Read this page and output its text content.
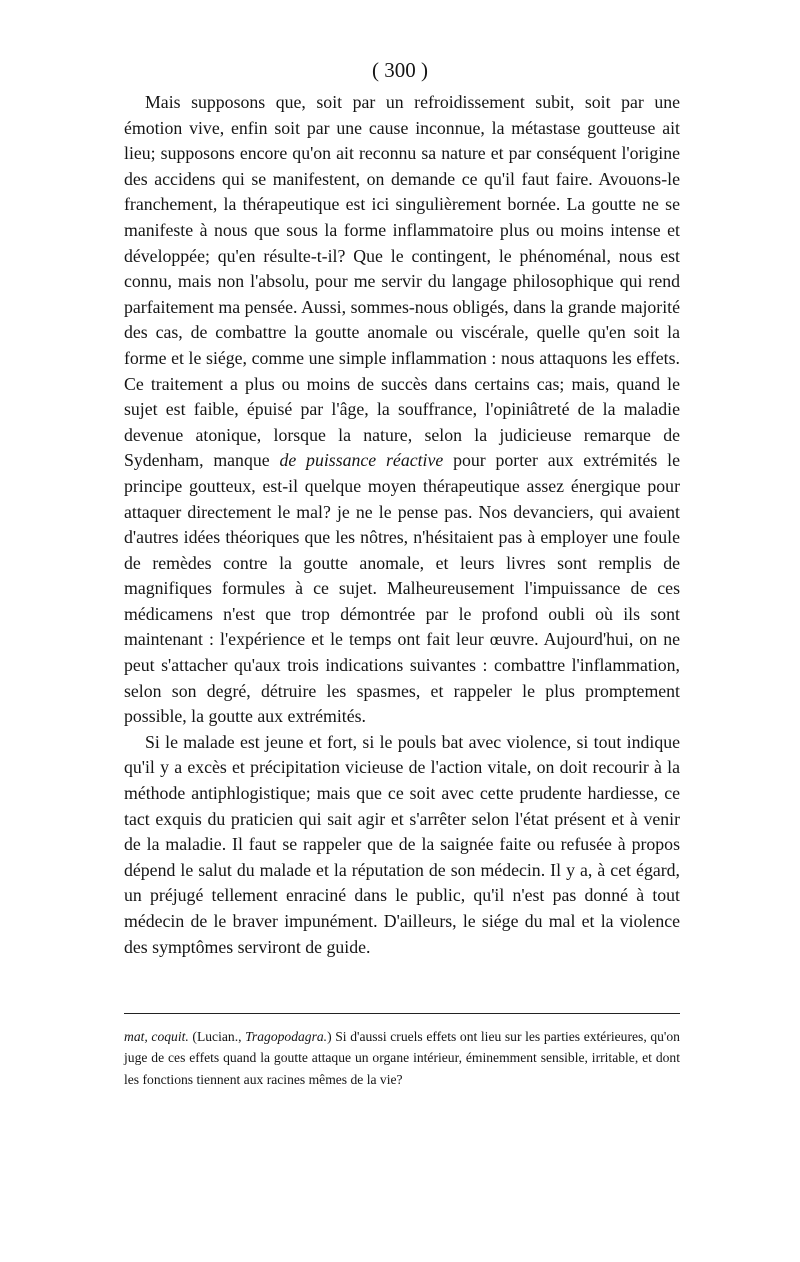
( 300 )

Mais supposons que, soit par un refroidissement subit, soit par une émotion vive, enfin soit par une cause inconnue, la métastase goutteuse ait lieu; supposons encore qu'on ait reconnu sa nature et par conséquent l'origine des accidens qui se manifestent, on demande ce qu'il faut faire. Avouons-le franchement, la thérapeutique est ici singulièrement bornée. La goutte ne se manifeste à nous que sous la forme inflammatoire plus ou moins intense et développée; qu'en résulte-t-il? Que le contingent, le phénoménal, nous est connu, mais non l'absolu, pour me servir du langage philosophique qui rend parfaitement ma pensée. Aussi, sommes-nous obligés, dans la grande majorité des cas, de combattre la goutte anomale ou viscérale, quelle qu'en soit la forme et le siége, comme une simple inflammation : nous attaquons les effets. Ce traitement a plus ou moins de succès dans certains cas; mais, quand le sujet est faible, épuisé par l'âge, la souffrance, l'opiniâtreté de la maladie devenue atonique, lorsque la nature, selon la judicieuse remarque de Sydenham, manque de puissance réactive pour porter aux extrémités le principe goutteux, est-il quelque moyen thérapeutique assez énergique pour attaquer directement le mal? je ne le pense pas. Nos devanciers, qui avaient d'autres idées théoriques que les nôtres, n'hésitaient pas à employer une foule de remèdes contre la goutte anomale, et leurs livres sont remplis de magnifiques formules à ce sujet. Malheureusement l'impuissance de ces médicamens n'est que trop démontrée par le profond oubli où ils sont maintenant : l'expérience et le temps ont fait leur œuvre. Aujourd'hui, on ne peut s'attacher qu'aux trois indications suivantes : combattre l'inflammation, selon son degré, détruire les spasmes, et rappeler le plus promptement possible, la goutte aux extrémités.

Si le malade est jeune et fort, si le pouls bat avec violence, si tout indique qu'il y a excès et précipitation vicieuse de l'action vitale, on doit recourir à la méthode antiphlogistique; mais que ce soit avec cette prudente hardiesse, ce tact exquis du praticien qui sait agir et s'arrêter selon l'état présent et à venir de la maladie. Il faut se rappeler que de la saignée faite ou refusée à propos dépend le salut du malade et la réputation de son médecin. Il y a, à cet égard, un préjugé tellement enraciné dans le public, qu'il n'est pas donné à tout médecin de le braver impunément. D'ailleurs, le siége du mal et la violence des symptômes serviront de guide.

mat, coquit. (Lucian., Tragopodagra.) Si d'aussi cruels effets ont lieu sur les parties extérieures, qu'on juge de ces effets quand la goutte attaque un organe intérieur, éminemment sensible, irritable, et dont les fonctions tiennent aux racines mêmes de la vie?
